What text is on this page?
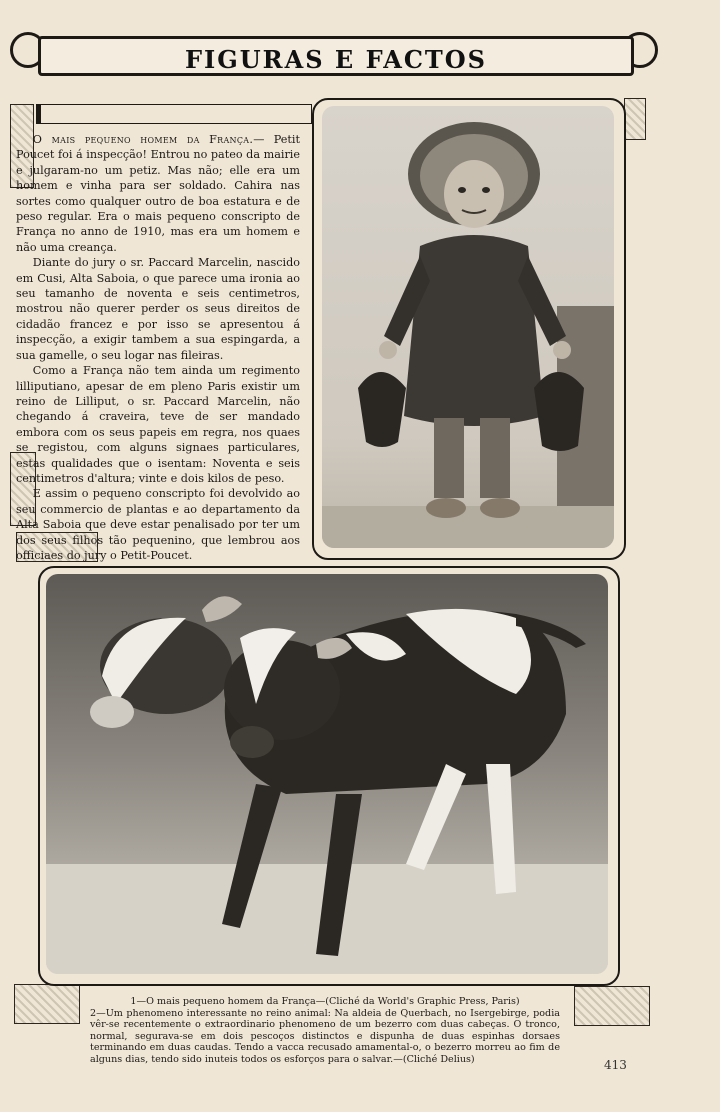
FIGURAS E FACTOS

O mais pequeno homem da França.— Petit Poucet foi á inspecção! Entrou no pateo da mairie e julgaram-no um petiz. Mas não; elle era um homem e vinha para ser soldado. Cahira nas sortes como qualquer outro de boa estatura e de peso regular. Era o mais pequeno conscripto de França no anno de 1910, mas era um homem e não uma creança.

Diante do jury o sr. Paccard Marcelin, nascido em Cusi, Alta Saboia, o que parece uma ironia ao seu tamanho de noventa e seis centimetros, mostrou não querer perder os seus direitos de cidadão francez e por isso se apresentou á inspecção, a exigir tambem a sua espingarda, a sua gamelle, o seu logar nas fileiras.

Como a França não tem ainda um regimento lilliputiano, apesar de em pleno Paris existir um reino de Lilliput, o sr. Paccard Marcelin, não chegando á craveira, teve de ser mandado embora com os seus papeis em regra, nos quaes se registou, com alguns signaes particulares, estas qualidades que o isentam: Noventa e seis centimetros d'altura; vinte e dois kilos de peso.

E assim o pequeno conscripto foi devolvido ao seu commercio de plantas e ao departamento da Alta Saboia que deve estar penalisado por ter um dos seus filhos tão pequenino, que lembrou aos officiaes do jury o Petit-Poucet.

1—O mais pequeno homem da França—(Cliché da World's Graphic Press, Paris)

2—Um phenomeno interessante no reino animal: Na aldeia de Querbach, no Isergebirge, podia vêr-se recentemente o extraordinario phenomeno de um bezerro com duas cabeças. O tronco, normal, segurava-se em dois pescoços distinctos e dispunha de duas espinhas dorsaes terminando em duas caudas. Tendo a vacca recusado amamental-o, o bezerro morreu ao fim de alguns dias, tendo sido inuteis todos os esforços para o salvar.—(Cliché Delius)	413
